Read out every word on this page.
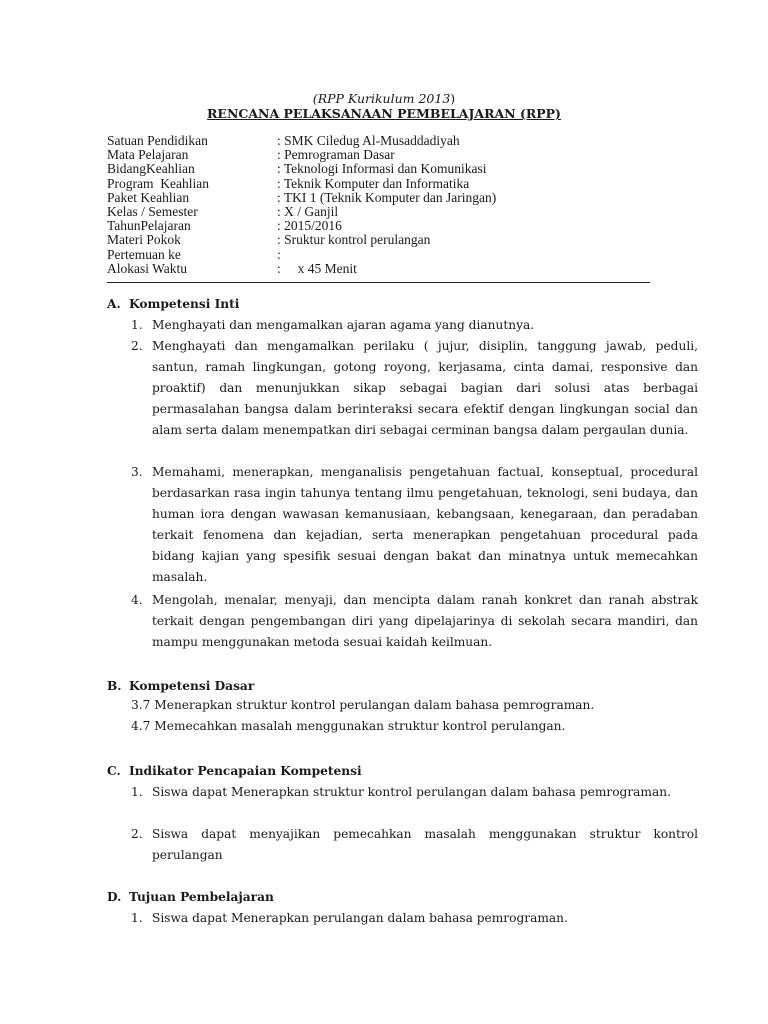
(RPP Kurikulum 2013)
RENCANA PELAKSANAAN PEMBELAJARAN (RPP)
Satuan Pendidikan	: SMK Ciledug Al-Musaddadiyah
Mata Pelajaran	: Pemrograman Dasar
BidangKeahlian	: Teknologi Informasi dan Komunikasi
Program  Keahlian	: Teknik Komputer dan Informatika
Paket Keahlian	: TKI 1 (Teknik Komputer dan Jaringan)
Kelas / Semester	: X / Ganjil
TahunPelajaran	: 2015/2016
Materi Pokok	: Sruktur kontrol perulangan
Pertemuan ke	:
Alokasi Waktu	:     x 45 Menit
A. Kompetensi Inti
1. Menghayati dan mengamalkan ajaran agama yang dianutnya.
2. Menghayati dan mengamalkan perilaku ( jujur, disiplin, tanggung jawab, peduli, santun, ramah lingkungan, gotong royong, kerjasama, cinta damai, responsive dan proaktif) dan menunjukkan sikap sebagai bagian dari solusi atas berbagai permasalahan bangsa dalam berinteraksi secara efektif dengan lingkungan social dan alam serta dalam menempatkan diri sebagai cerminan bangsa dalam pergaulan dunia.
3. Memahami, menerapkan, menganalisis pengetahuan factual, konseptual, procedural berdasarkan rasa ingin tahunya tentang ilmu pengetahuan, teknologi, seni budaya, dan human iora dengan wawasan kemanusiaan, kebangsaan, kenegaraan, dan peradaban terkait fenomena dan kejadian, serta menerapkan pengetahuan procedural pada bidang kajian yang spesifik sesuai dengan bakat dan minatnya untuk memecahkan masalah.
4. Mengolah, menalar, menyaji, dan mencipta dalam ranah konkret dan ranah abstrak terkait dengan pengembangan diri yang dipelajarinya di sekolah secara mandiri, dan mampu menggunakan metoda sesuai kaidah keilmuan.
B. Kompetensi Dasar
3.7 Menerapkan struktur kontrol perulangan dalam bahasa pemrograman.
4.7 Memecahkan masalah menggunakan struktur kontrol perulangan.
C. Indikator Pencapaian Kompetensi
1. Siswa dapat Menerapkan struktur kontrol perulangan dalam bahasa pemrograman.
2. Siswa dapat menyajikan pemecahkan masalah menggunakan struktur kontrol perulangan
D. Tujuan Pembelajaran
1. Siswa dapat Menerapkan perulangan dalam bahasa pemrograman.
